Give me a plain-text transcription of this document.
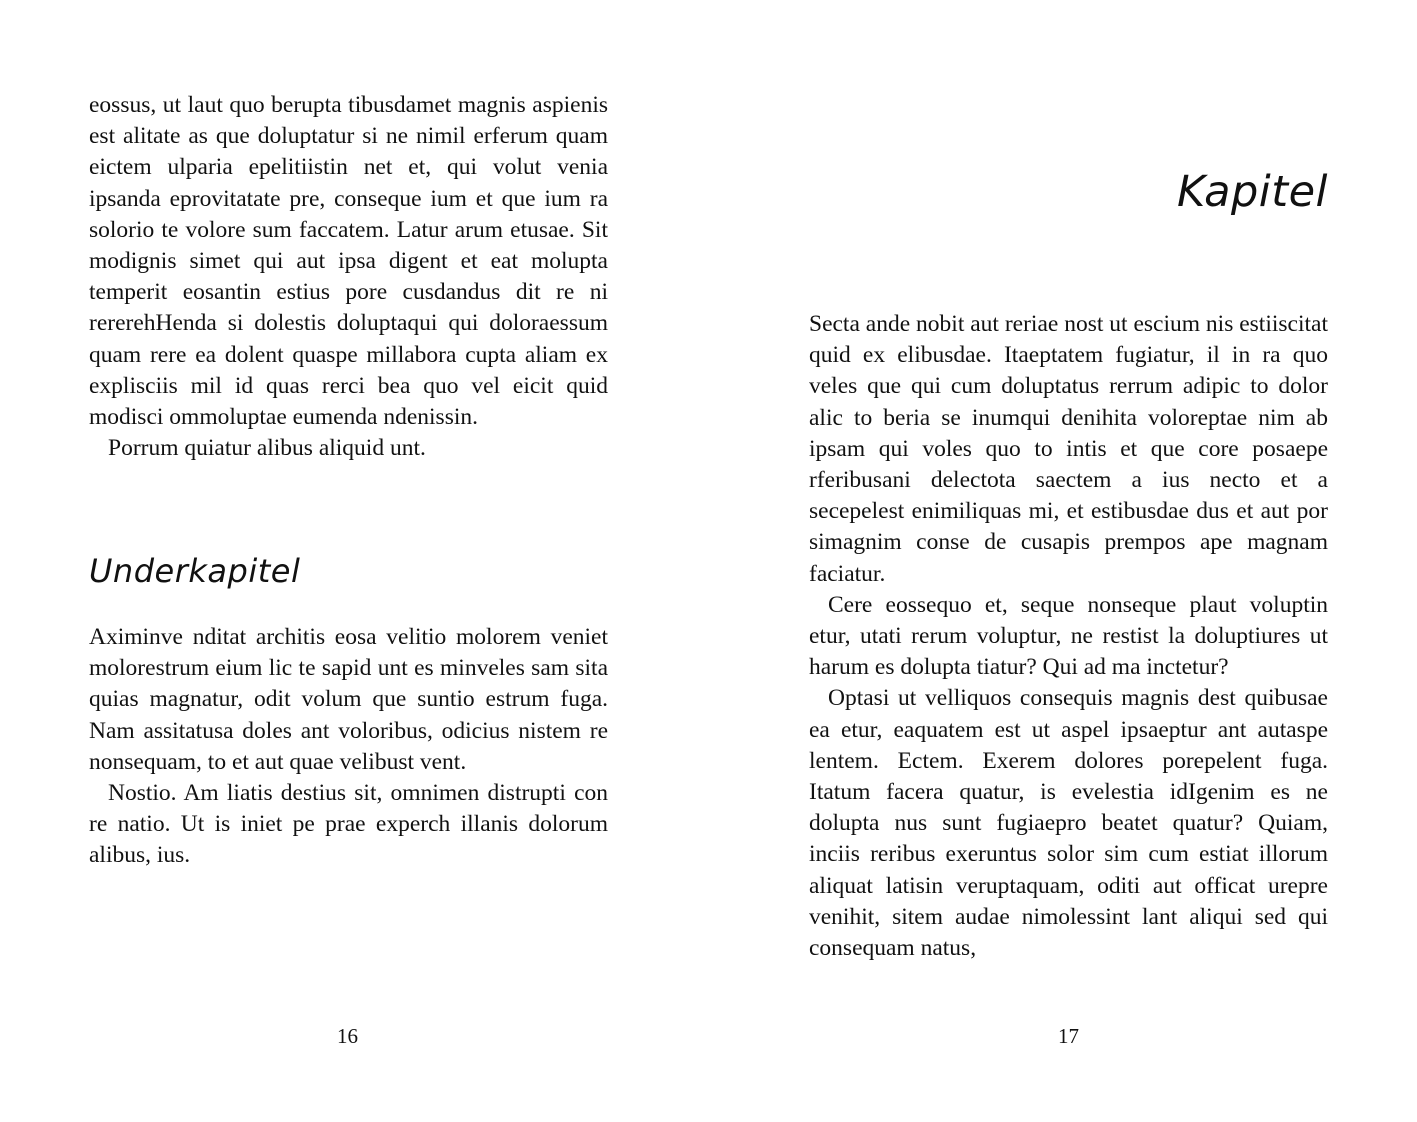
eossus, ut laut quo berupta tibusdamet magnis aspienis est alitate as que doluptatur si ne nimil erferum quam eictem ulparia epelitiistin net et, qui volut venia ipsanda eprovitatate pre, conseque ium et que ium ra solorio te volore sum faccatem. Latur arum etusae. Sit modignis simet qui aut ipsa digent et eat molupta temperit eosantin estius pore cusdandus dit re ni rererehHenda si dolestis doluptaqui qui doloraessum quam rere ea dolent quaspe millabora cupta aliam ex explisciis mil id quas rerci bea quo vel eicit quid modisci ommoluptae eumenda ndenissin.

Porrum quiatur alibus aliquid unt.

Underkapitel

Aximinve nditat architis eosa velitio molorem veniet molorestrum eium lic te sapid unt es minveles sam sita quias magnatur, odit volum que suntio estrum fuga. Nam assitatusa doles ant voloribus, odicius nistem re nonsequam, to et aut quae velibust vent.

Nostio. Am liatis destius sit, omnimen distrupti con re natio. Ut is iniet pe prae experch illanis dolorum alibus, ius.

16
Kapitel

Secta ande nobit aut reriae nost ut escium nis estiiscitat quid ex elibusdae. Itaeptatem fugiatur, il in ra quo veles que qui cum doluptatus rerrum adipic to dolor alic to beria se inumqui denihita voloreptae nim ab ipsam qui voles quo to intis et que core posaepe rferibusani delectota saectem a ius necto et a secepelest enimiliquas mi, et estibusdae dus et aut por simagnim conse de cusapis prempos ape magnam faciatur.

Cere eossequo et, seque nonseque plaut voluptin etur, utati rerum voluptur, ne restist la doluptiures ut harum es dolupta tiatur? Qui ad ma inctetur?

Optasi ut velliquos consequis magnis dest quibusae ea etur, eaquatem est ut aspel ipsaeptur ant autaspe lentem. Ectem. Exerem dolores porepelent fuga. Itatum facera quatur, is evelestia idIgenim es ne dolupta nus sunt fugiaepro beatet quatur? Quiam, inciis reribus exeruntus solor sim cum estiat illorum aliquat latisin veruptaquam, oditi aut officat urepre venihit, sitem audae nimolessint lant aliqui sed qui consequam natus,

17
